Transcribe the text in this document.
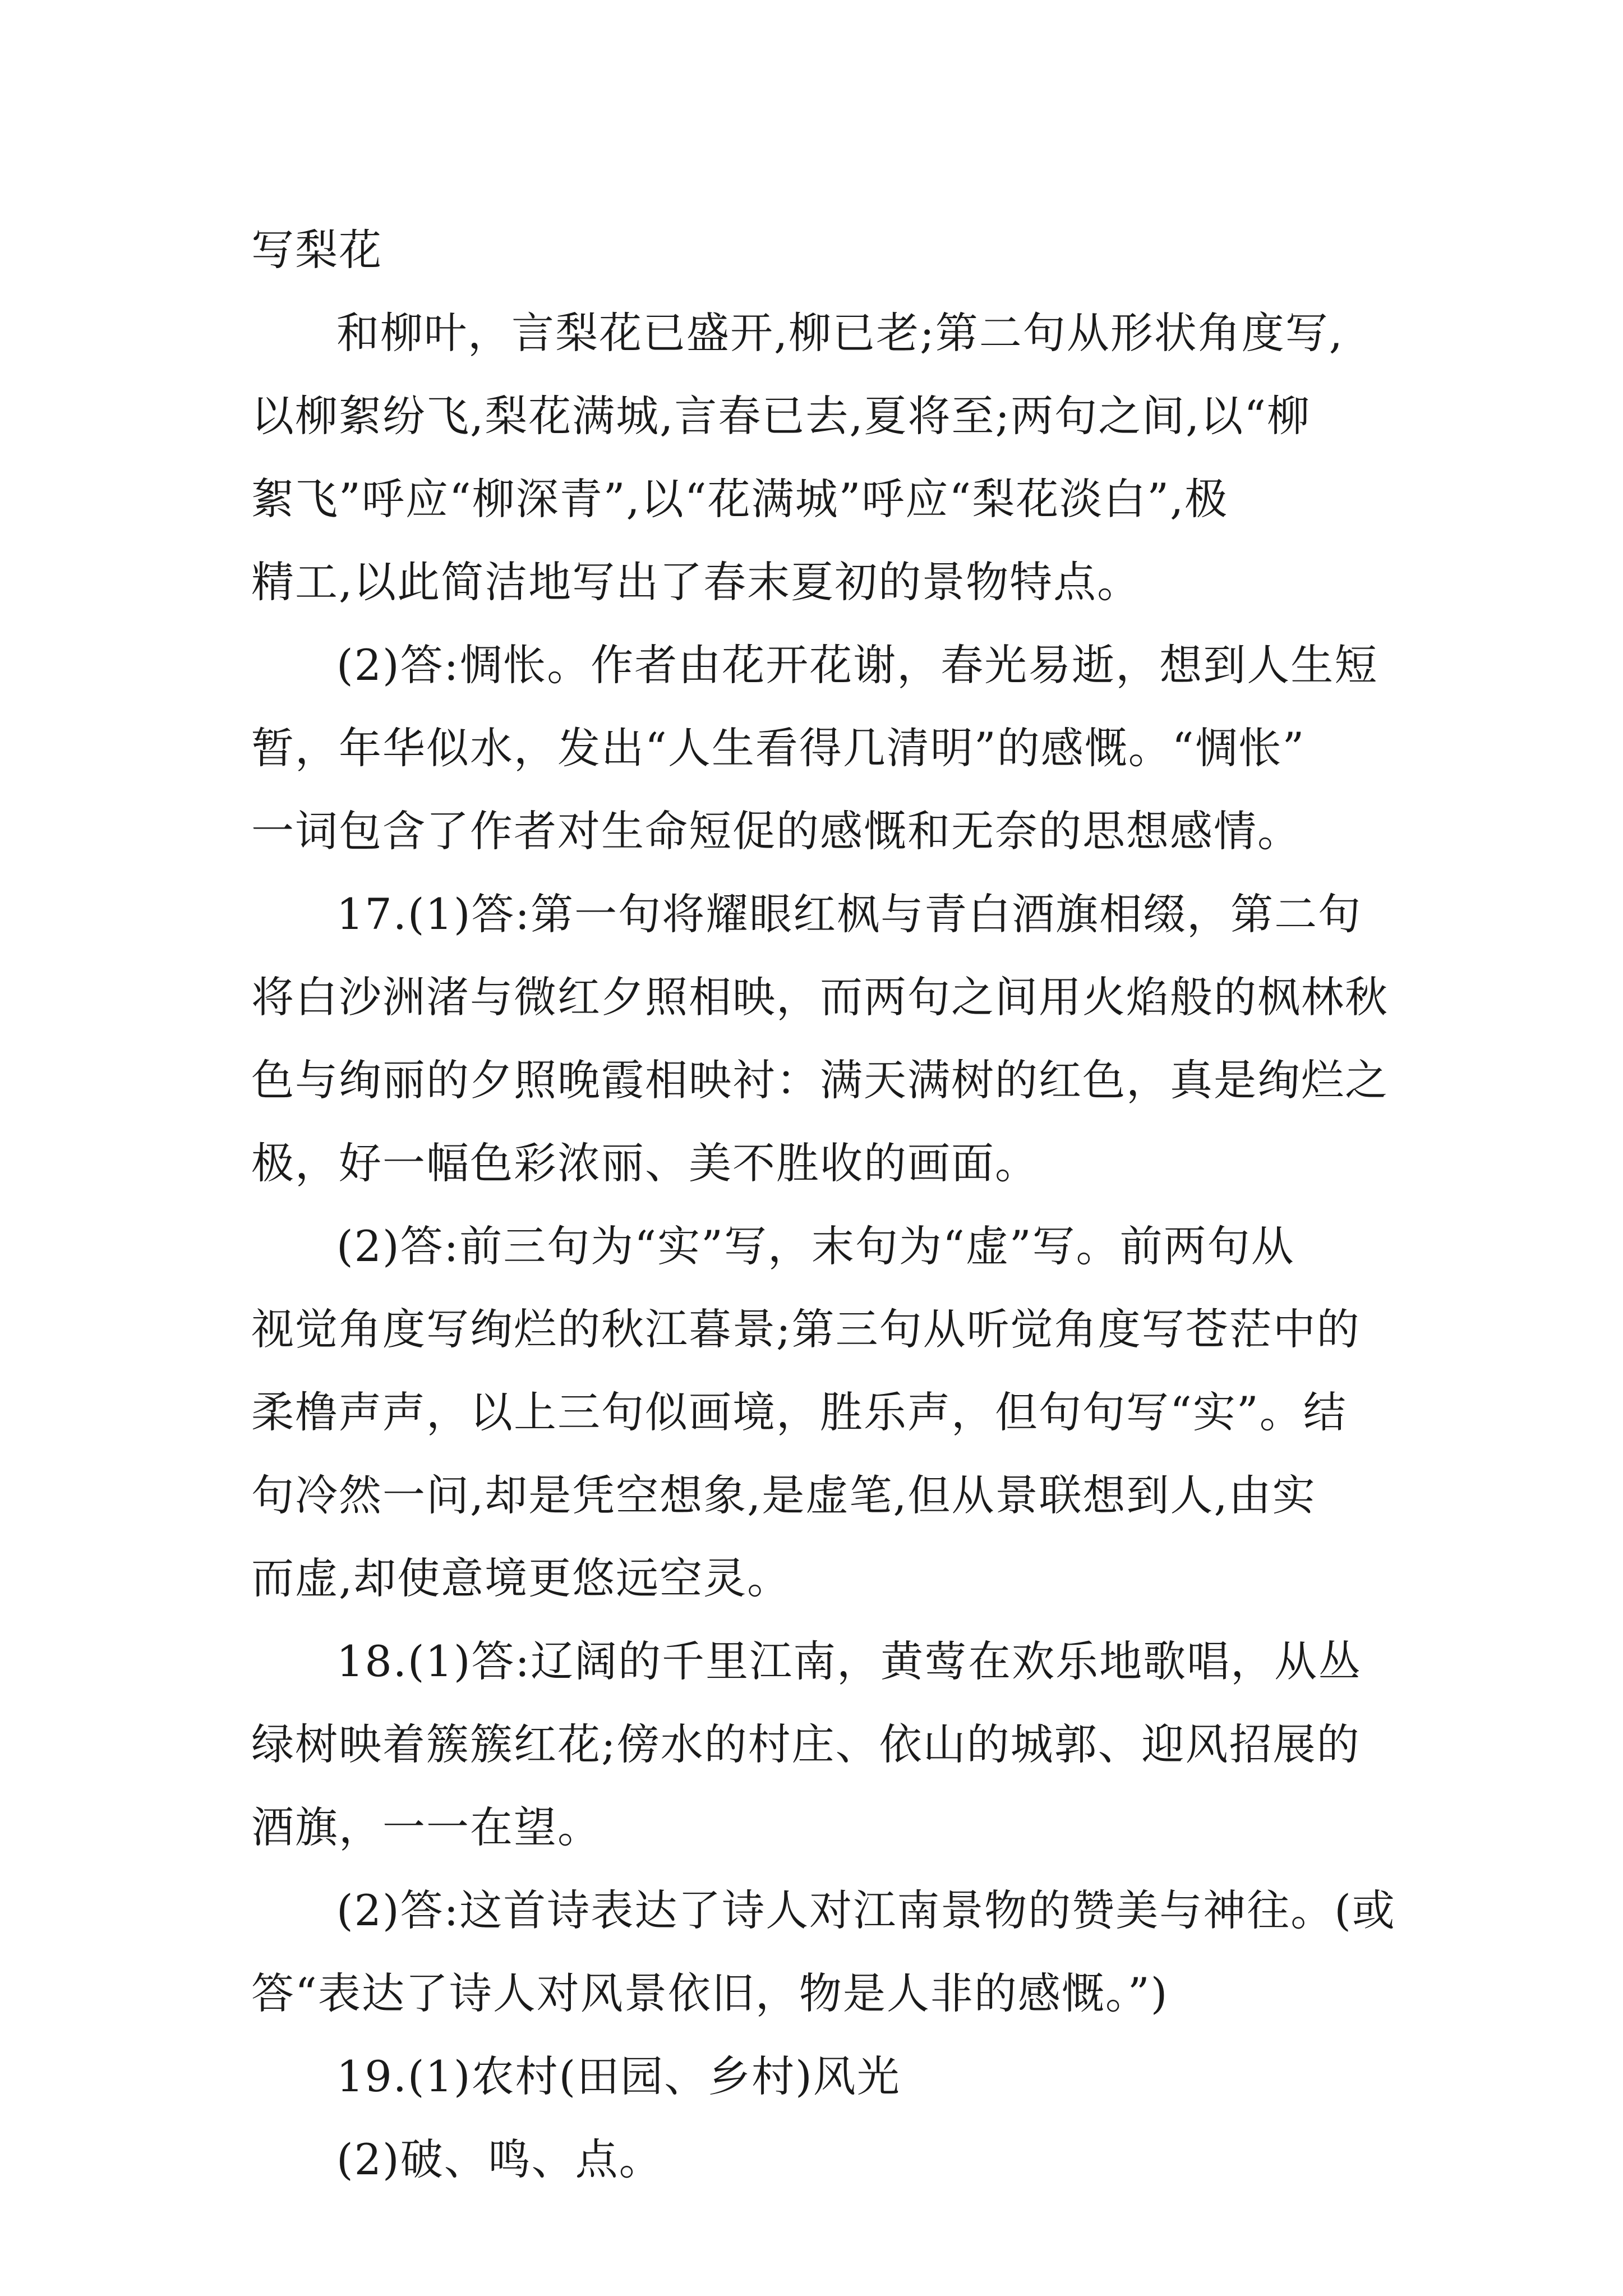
写梨花
和柳叶，言梨花已盛开,柳已老;第二句从形状角度写,
以柳絮纷飞,梨花满城,言春已去,夏将至;两句之间,以“柳
絮飞”呼应“柳深青”,以“花满城”呼应“梨花淡白”,极
精工,以此简洁地写出了春末夏初的景物特点。
(2)答:惆怅。作者由花开花谢，春光易逝，想到人生短
暂，年华似水，发出“人生看得几清明”的感慨。“惆怅”
一词包含了作者对生命短促的感慨和无奈的思想感情。
17.(1)答:第一句将耀眼红枫与青白酒旗相缀，第二句
将白沙洲渚与微红夕照相映，而两句之间用火焰般的枫林秋
色与绚丽的夕照晚霞相映衬：满天满树的红色，真是绚烂之
极，好一幅色彩浓丽、美不胜收的画面。
(2)答:前三句为“实”写，末句为“虚”写。前两句从
视觉角度写绚烂的秋江暮景;第三句从听觉角度写苍茫中的
柔橹声声，以上三句似画境，胜乐声，但句句写“实”。结
句冷然一问,却是凭空想象,是虚笔,但从景联想到人,由实
而虚,却使意境更悠远空灵。
18.(1)答:辽阔的千里江南，黄莺在欢乐地歌唱，从丛
绿树映着簇簇红花;傍水的村庄、依山的城郭、迎风招展的
酒旗，一一在望。
(2)答:这首诗表达了诗人对江南景物的赞美与神往。(或
答“表达了诗人对风景依旧，物是人非的感慨。”)
19.(1)农村(田园、乡村)风光
(2)破、鸣、点。
